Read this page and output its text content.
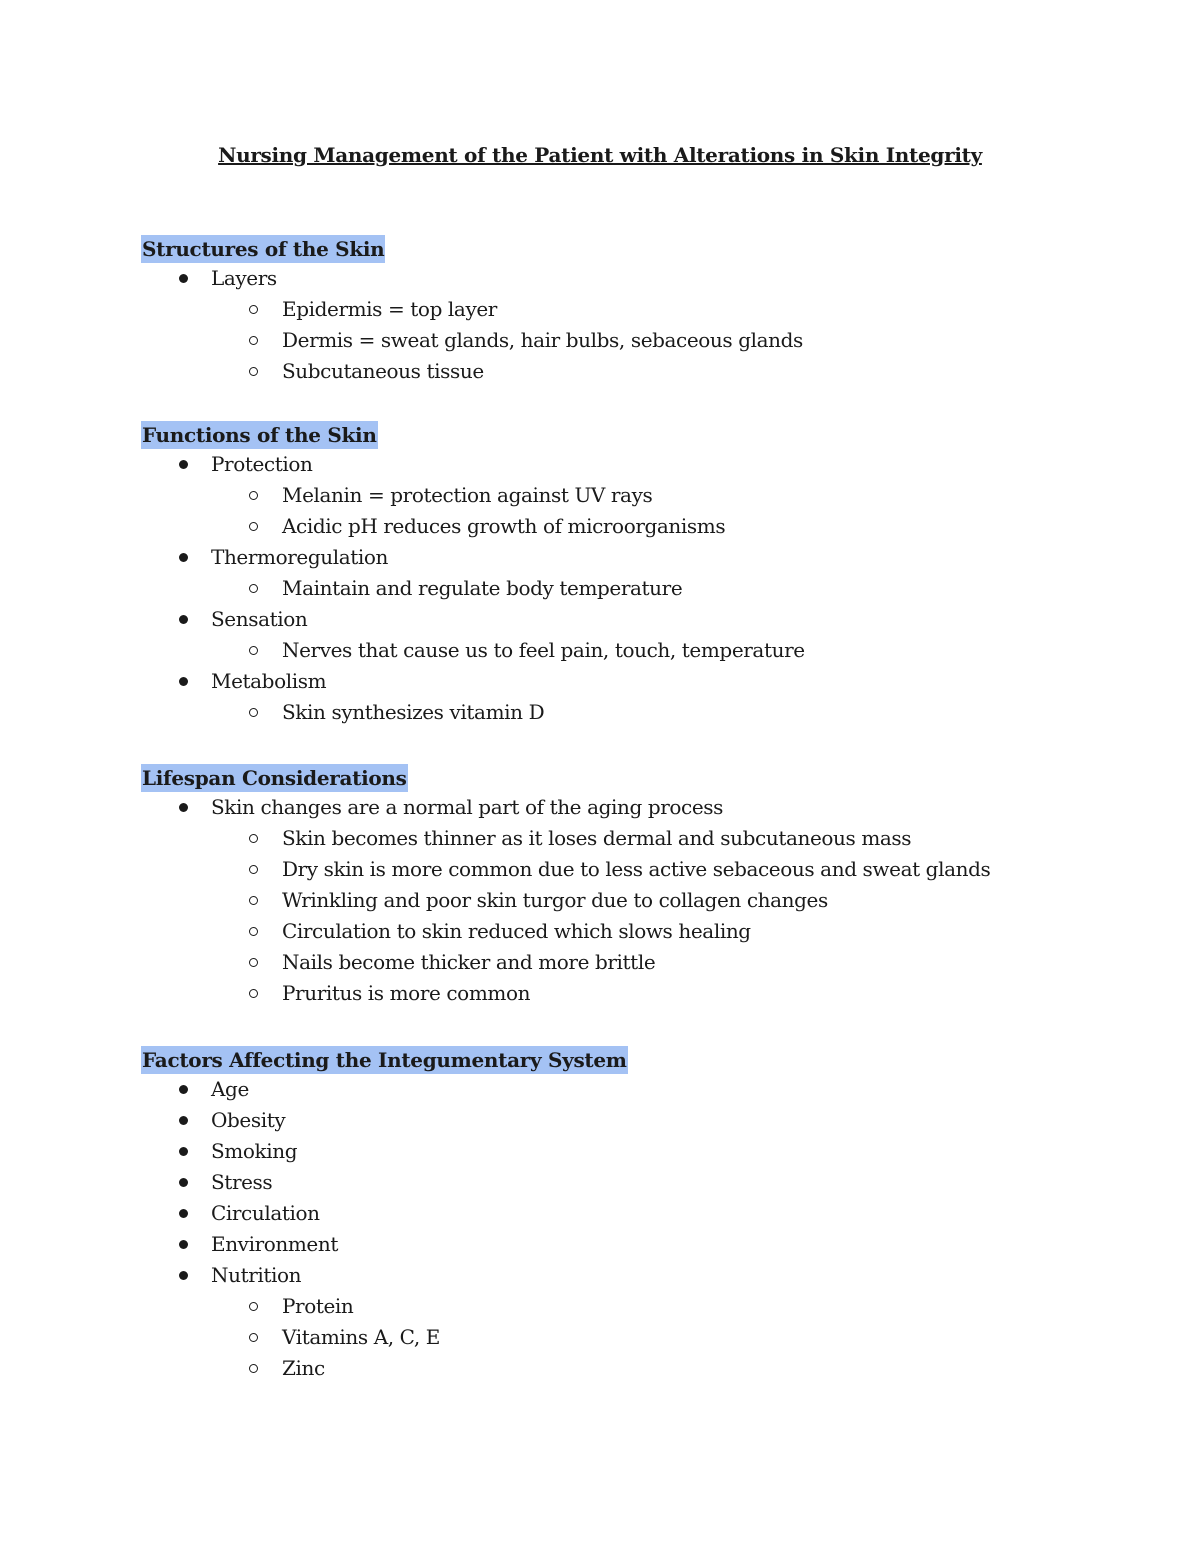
Nursing Management of the Patient with Alterations in Skin Integrity
Structures of the Skin
Layers
Epidermis = top layer
Dermis = sweat glands, hair bulbs, sebaceous glands
Subcutaneous tissue
Functions of the Skin
Protection
Melanin = protection against UV rays
Acidic pH reduces growth of microorganisms
Thermoregulation
Maintain and regulate body temperature
Sensation
Nerves that cause us to feel pain, touch, temperature
Metabolism
Skin synthesizes vitamin D
Lifespan Considerations
Skin changes are a normal part of the aging process
Skin becomes thinner as it loses dermal and subcutaneous mass
Dry skin is more common due to less active sebaceous and sweat glands
Wrinkling and poor skin turgor due to collagen changes
Circulation to skin reduced which slows healing
Nails become thicker and more brittle
Pruritus is more common
Factors Affecting the Integumentary System
Age
Obesity
Smoking
Stress
Circulation
Environment
Nutrition
Protein
Vitamins A, C, E
Zinc
